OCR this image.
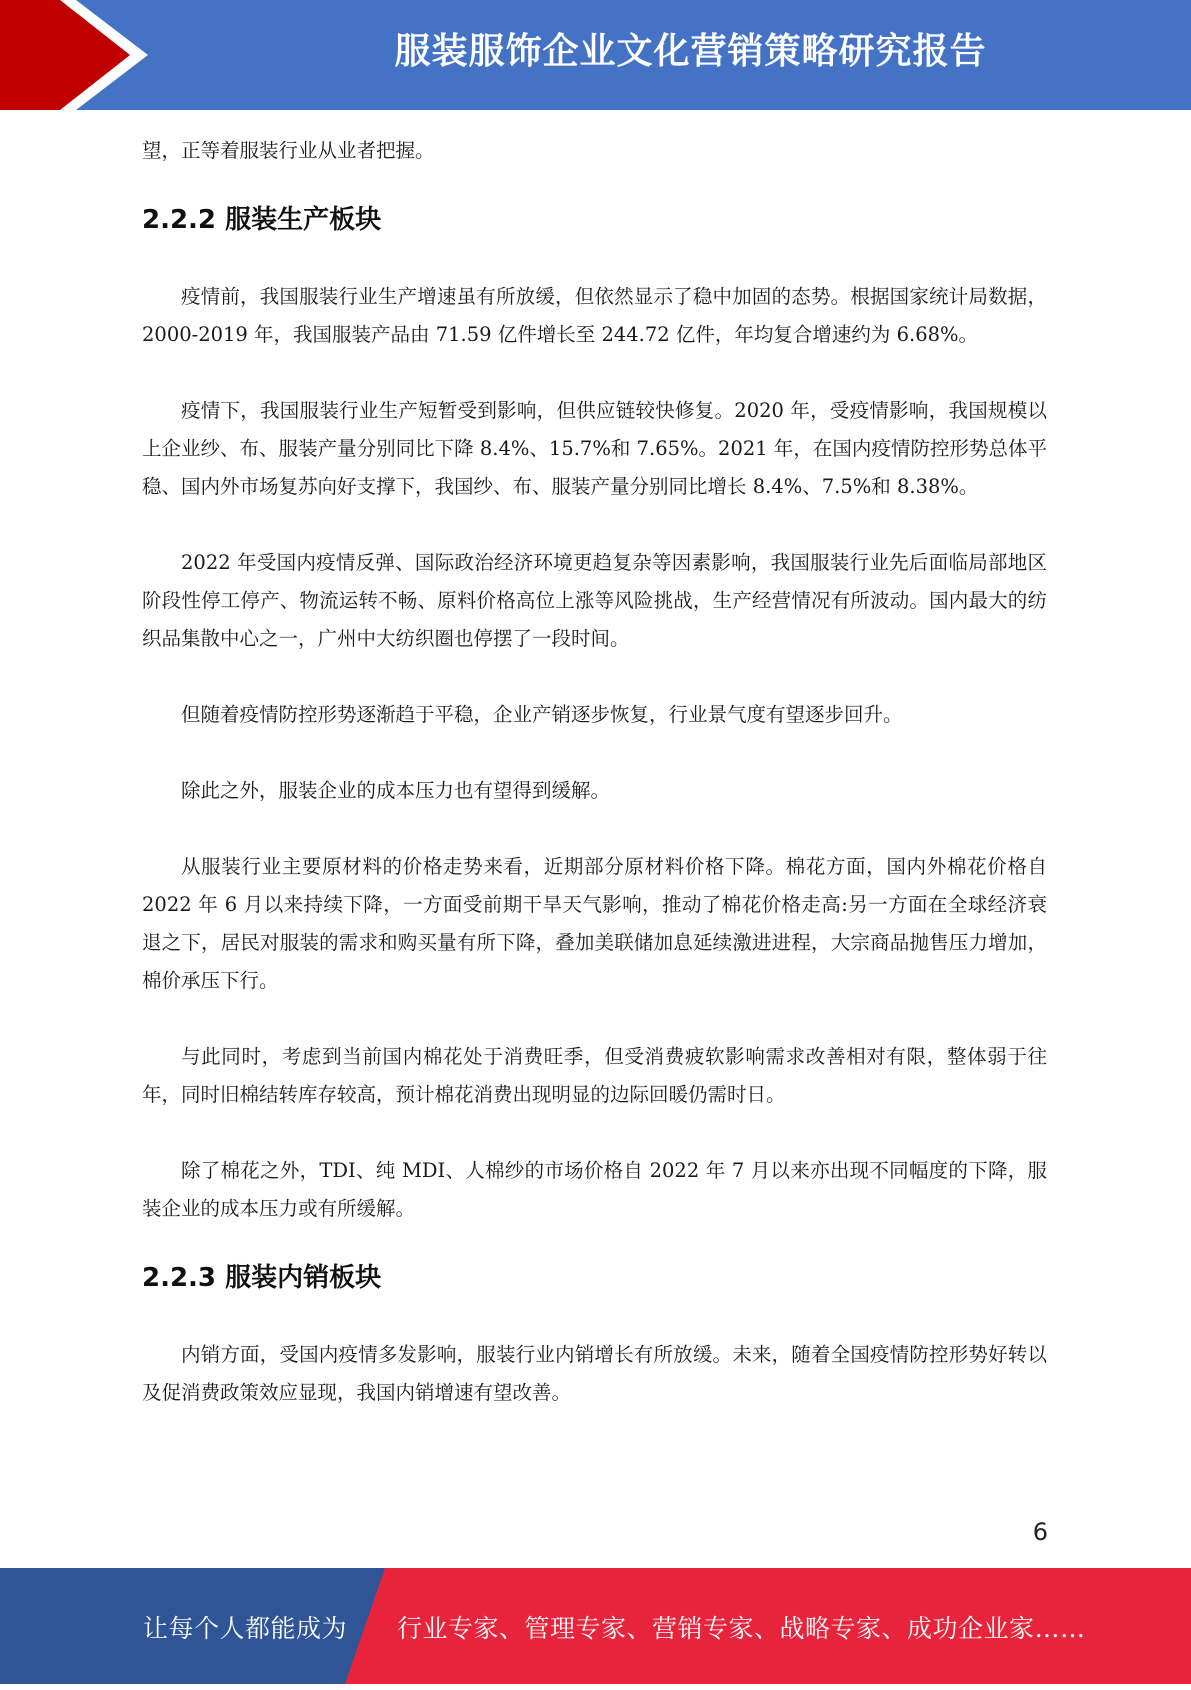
服装服饰企业文化营销策略研究报告

望，正等着服装行业从业者把握。

2.2.2 服装生产板块

疫情前，我国服装行业生产增速虽有所放缓，但依然显示了稳中加固的态势。根据国家统计局数据，2000-2019 年，我国服装产品由 71.59 亿件增长至 244.72 亿件，年均复合增速约为 6.68%。

疫情下，我国服装行业生产短暂受到影响，但供应链较快修复。2020 年，受疫情影响，我国规模以上企业纱、布、服装产量分别同比下降 8.4%、15.7%和 7.65%。2021 年，在国内疫情防控形势总体平稳、国内外市场复苏向好支撑下，我国纱、布、服装产量分别同比增长 8.4%、7.5%和 8.38%。

2022 年受国内疫情反弹、国际政治经济环境更趋复杂等因素影响，我国服装行业先后面临局部地区阶段性停工停产、物流运转不畅、原料价格高位上涨等风险挑战，生产经营情况有所波动。国内最大的纺织品集散中心之一，广州中大纺织圈也停摆了一段时间。

但随着疫情防控形势逐渐趋于平稳，企业产销逐步恢复，行业景气度有望逐步回升。

除此之外，服装企业的成本压力也有望得到缓解。

从服装行业主要原材料的价格走势来看，近期部分原材料价格下降。棉花方面，国内外棉花价格自 2022 年 6 月以来持续下降，一方面受前期干旱天气影响，推动了棉花价格走高:另一方面在全球经济衰退之下，居民对服装的需求和购买量有所下降，叠加美联储加息延续激进进程，大宗商品抛售压力增加，棉价承压下行。

与此同时，考虑到当前国内棉花处于消费旺季，但受消费疲软影响需求改善相对有限，整体弱于往年，同时旧棉结转库存较高，预计棉花消费出现明显的边际回暖仍需时日。

除了棉花之外，TDI、纯 MDI、人棉纱的市场价格自 2022 年 7 月以来亦出现不同幅度的下降，服装企业的成本压力或有所缓解。

2.2.3 服装内销板块

内销方面，受国内疫情多发影响，服装行业内销增长有所放缓。未来，随着全国疫情防控形势好转以及促消费政策效应显现，我国内销增速有望改善。

6
让每个人都能成为 行业专家、管理专家、营销专家、战略专家、成功企业家……
